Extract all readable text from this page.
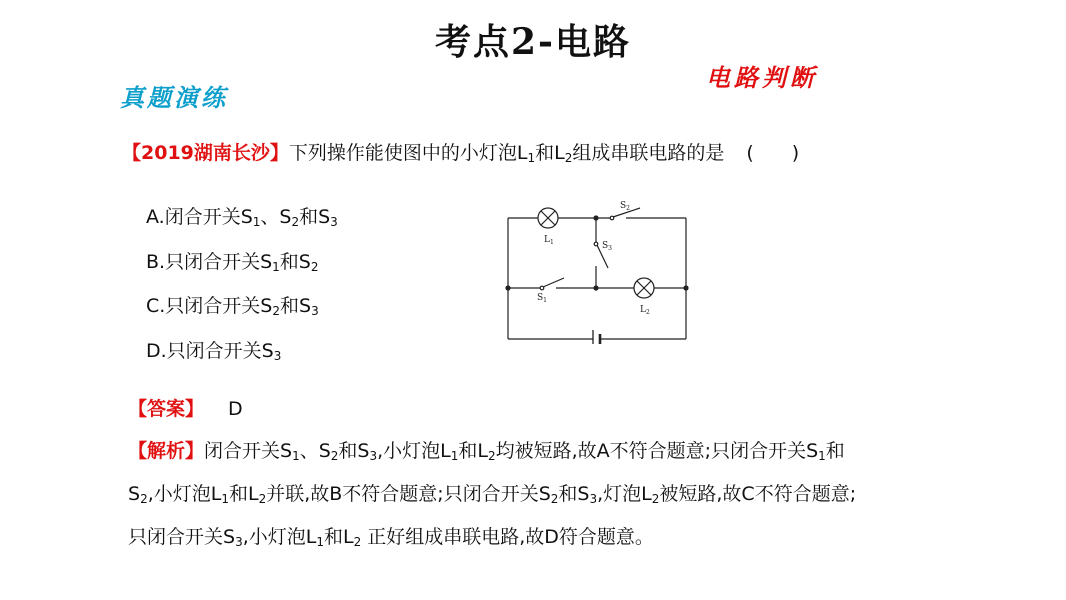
考点2-电路
真题演练
电路判断
【2019湖南长沙】下列操作能使图中的小灯泡$L_1$和$L_2$组成串联电路的是 (　　)
A.闭合开关$S_1$、$S_2$和$S_3$
B.只闭合开关$S_1$和$S_2$
C.只闭合开关$S_2$和$S_3$
D.只闭合开关$S_3$
$L_1$
$L_2$
$S_2$
$S_3$
$S_1$
【答案】 D
【解析】闭合开关$S_1$、$S_2$和$S_3$,小灯泡$L_1$和$L_2$均被短路,故A不符合题意;只闭合开关$S_1$和
$S_2$,小灯泡$L_1$和$L_2$并联,故B不符合题意;只闭合开关$S_2$和$S_3$,灯泡$L_2$被短路,故C不符合题意;
只闭合开关$S_3$,小灯泡$L_1$和$L_2$ 正好组成串联电路,故D符合题意。
